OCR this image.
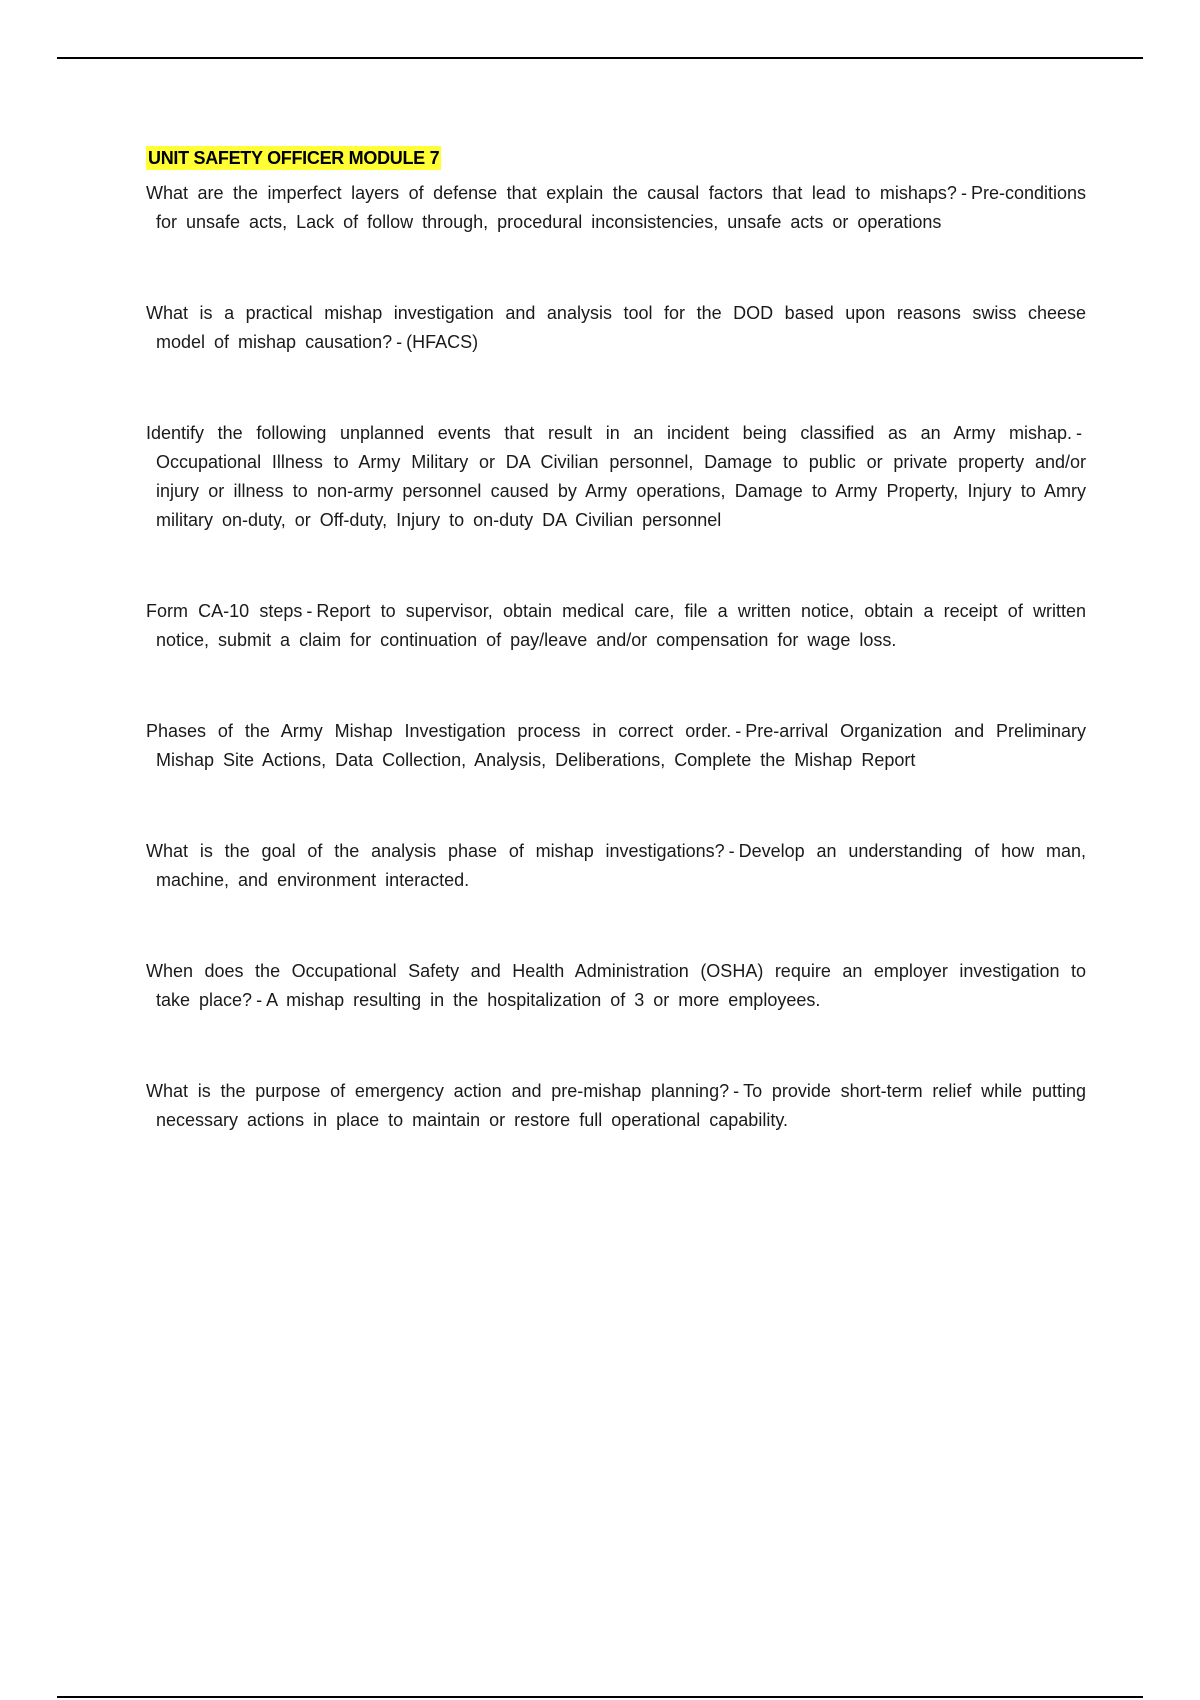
UNIT SAFETY OFFICER MODULE 7

What are the imperfect layers of defense that explain the causal factors that lead to mishaps? - Pre-conditions for unsafe acts, Lack of follow through, procedural inconsistencies, unsafe acts or operations

What is a practical mishap investigation and analysis tool for the DOD based upon reasons swiss cheese model of mishap causation? - (HFACS)

Identify the following unplanned events that result in an incident being classified as an Army mishap. -Occupational Illness to Army Military or DA Civilian personnel, Damage to public or private property and/or injury or illness to non-army personnel caused by Army operations, Damage to Army Property, Injury to Amry military on-duty, or Off-duty, Injury to on-duty DA Civilian personnel

Form CA-10 steps - Report to supervisor, obtain medical care, file a written notice, obtain a receipt of written notice, submit a claim for continuation of pay/leave and/or compensation for wage loss.

Phases of the Army Mishap Investigation process in correct order. - Pre-arrival Organization and Preliminary Mishap Site Actions, Data Collection, Analysis, Deliberations, Complete the Mishap Report

What is the goal of the analysis phase of mishap investigations? - Develop an understanding of how man, machine, and environment interacted.

When does the Occupational Safety and Health Administration (OSHA) require an employer investigation to take place? - A mishap resulting in the hospitalization of 3 or more employees.

What is the purpose of emergency action and pre-mishap planning? - To provide short-term relief while putting necessary actions in place to maintain or restore full operational capability.
